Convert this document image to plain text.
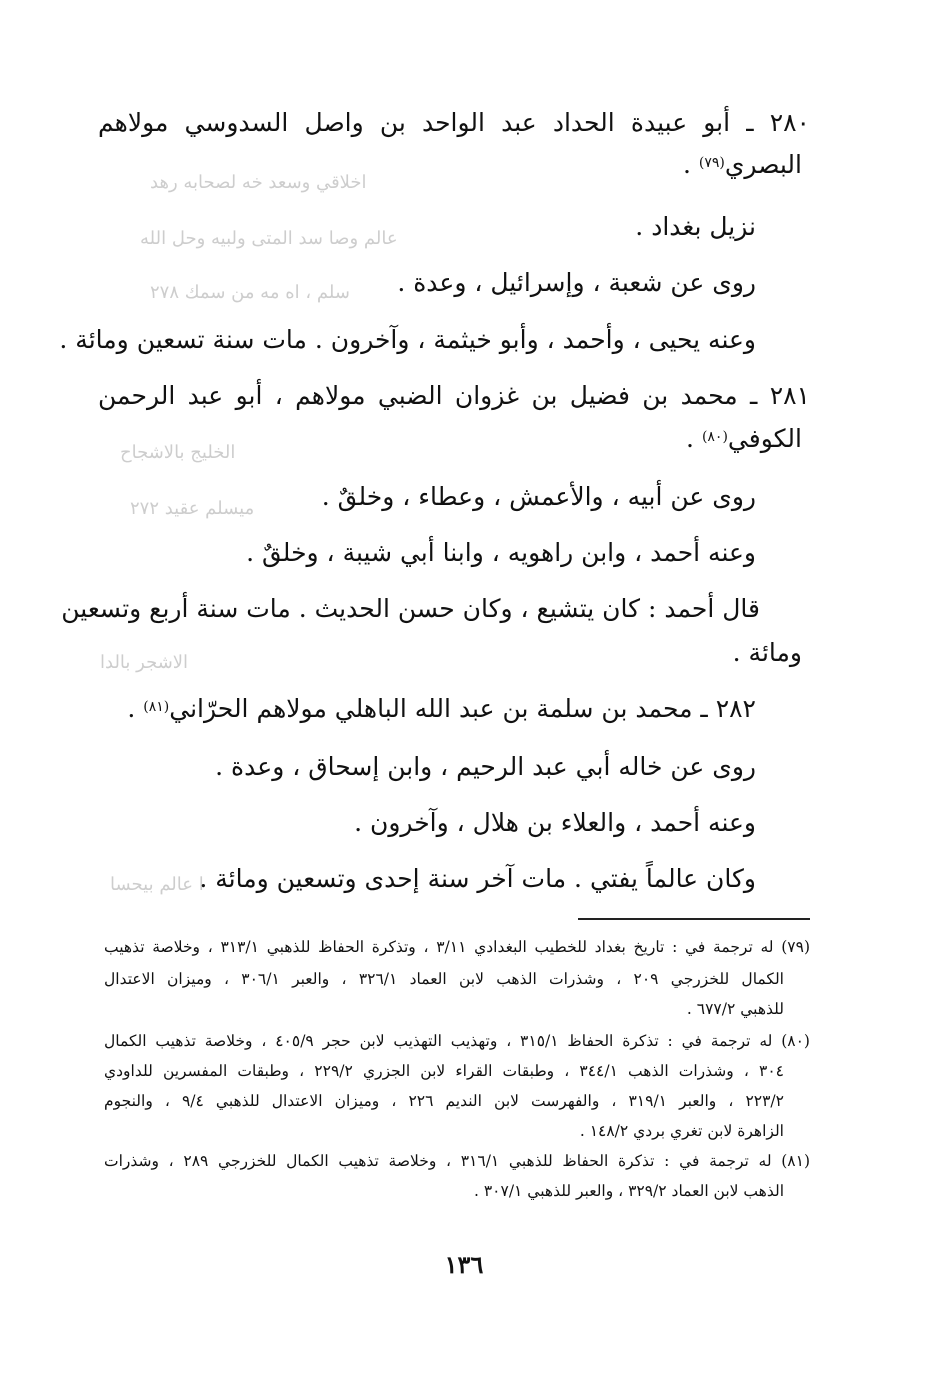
اخلاقي وسعد خه لصحابه رهد
عالم وصا سد المتى ولبيه وحل الله
سلم ، اه مه من سمك ٢٧٨
الخليج بالاشجاح
ميسلم عقيد ٢٧٢
الاشجر بالدا
ا عالم بيحسا
٢٨٠ ـ أبو عبيدة الحداد عبد الواحد بن واصل السدوسي مولاهم
البصري$^{(٧٩)}$ .
نزيل بغداد .
روى عن شعبة ، وإسرائيل ، وعدة .
وعنه يحيى ، وأحمد ، وأبو خيثمة ، وآخرون . مات سنة تسعين ومائة .
٢٨١ ـ محمد بن فضيل بن غزوان الضبي مولاهم ، أبو عبد الرحمن
الكوفي$^{(٨٠)}$ .
روى عن أبيه ، والأعمش ، وعطاء ، وخلقٌ .
وعنه أحمد ، وابن راهويه ، وابنا أبي شيبة ، وخلقٌ .
قال أحمد : كان يتشيع ، وكان حسن الحديث . مات سنة أربع وتسعين
ومائة .
٢٨٢ ـ محمد بن سلمة بن عبد الله الباهلي مولاهم الحرّاني$^{(٨١)}$ .
روى عن خاله أبي عبد الرحيم ، وابن إسحاق ، وعدة .
وعنه أحمد ، والعلاء بن هلال ، وآخرون .
وكان عالماً يفتي . مات آخر سنة إحدى وتسعين ومائة .
(٧٩) له ترجمة في : تاريخ بغداد للخطيب البغدادي ٣/١١ ، وتذكرة الحفاظ للذهبي ٣١٣/١ ، وخلاصة تذهيب
الكمال للخزرجي ٢٠٩ ، وشذرات الذهب لابن العماد ٣٢٦/١ ، والعبر ٣٠٦/١ ، وميزان الاعتدال
للذهبي ٦٧٧/٢ .
(٨٠) له ترجمة في : تذكرة الحفاظ ٣١٥/١ ، وتهذيب التهذيب لابن حجر ٤٠٥/٩ ، وخلاصة تذهيب الكمال
٣٠٤ ، وشذرات الذهب ٣٤٤/١ ، وطبقات القراء لابن الجزري ٢٢٩/٢ ، وطبقات المفسرين للداودي
٢٢٣/٢ ، والعبر ٣١٩/١ ، والفهرست لابن النديم ٢٢٦ ، وميزان الاعتدال للذهبي ٩/٤ ، والنجوم
الزاهرة لابن تغري بردي ١٤٨/٢ .
(٨١) له ترجمة في : تذكرة الحفاظ للذهبي ٣١٦/١ ، وخلاصة تذهيب الكمال للخزرجي ٢٨٩ ، وشذرات
الذهب لابن العماد ٣٢٩/٢ ، والعبر للذهبي ٣٠٧/١ .
١٣٦
